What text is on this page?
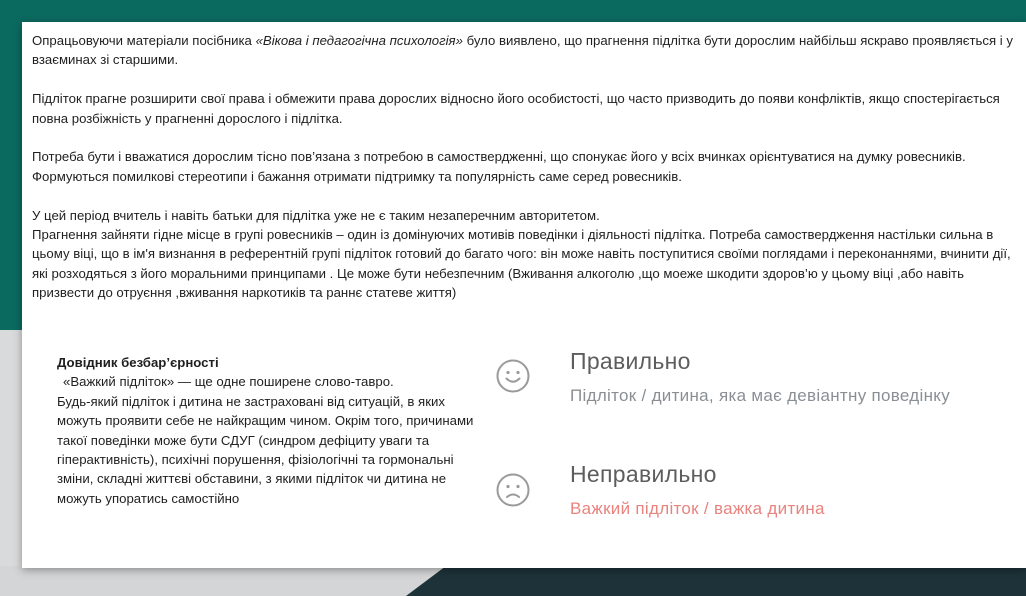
Опрацьовуючи матеріали посібника «Вікова і педагогічна психологія» було виявлено, що прагнення підлітка бути дорослим найбільш яскраво проявляється і у взаєминах зі старшими.

Підліток прагне розширити свої права і обмежити права дорослих відносно його особистості, що часто призводить до появи конфліктів, якщо спостерігається повна розбіжність у прагненні дорослого і підлітка.

Потреба бути і вважатися дорослим тісно пов’язана з потребою в самоствердженні, що спонукає його у всіх вчинках орієнтуватися на думку ровесників. Формуються помилкові стереотипи і бажання отримати підтримку та популярність саме серед ровесників.

У цей період вчитель і навіть батьки для підлітка уже не є таким незаперечним авторитетом.

Прагнення зайняти гідне місце в групі ровесників – один із домінуючих мотивів поведінки і діяльності підлітка. Потреба самоствердження настільки сильна в цьому віці, що в ім'я визнання в референтній групі підліток готовий до багато чого: він може навіть поступитися своїми поглядами і переконаннями, вчинити дії, які розходяться з його моральними принципами . Це може бути небезпечним (Вживання алкоголю ,що моеже шкодити здоров’ю у цьому віці ,або навіть призвести до отруєння ,вживання наркотиків та раннє статеве життя)

Довідник безбар’єрності
«Важкий підліток» — ще одне поширене слово-тавро.
Будь-який підліток і дитина не застраховані від ситуацій, в яких можуть проявити себе не найкращим чином. Окрім того, причинами такої поведінки може бути СДУГ (синдром дефіциту уваги та гіперактивність), психічні порушення, фізіологічні та гормональні зміни, складні життєві обставини, з якими підліток чи дитина не можуть упоратись самостійно
Правильно
Підліток / дитина, яка має девіантну поведінку
Неправильно
Важкий підліток / важка дитина
